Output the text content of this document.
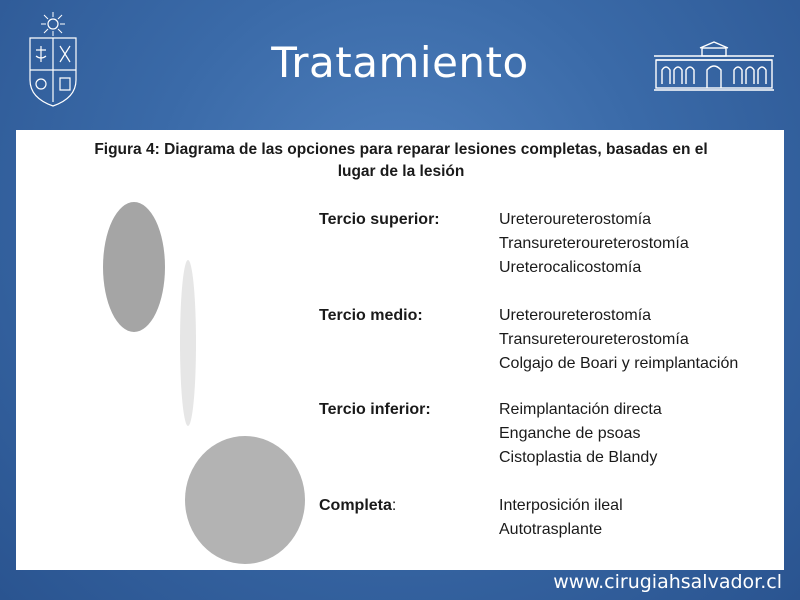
Tratamiento
Figura 4: Diagrama de las opciones para reparar lesiones completas, basadas en el
lugar de la lesión
Tercio superior:	Ureteroureterostomía
Transureteroureterostomía
Ureterocalicostomía
Tercio medio:	Ureteroureterostomía
Transureteroureterostomía
Colgajo de Boari y reimplantación
Tercio inferior:	Reimplantación directa
Enganche de psoas
Cistoplastia de Blandy
Completa:	Interposición ileal
Autotrasplante
www.cirugiahsalvador.cl
